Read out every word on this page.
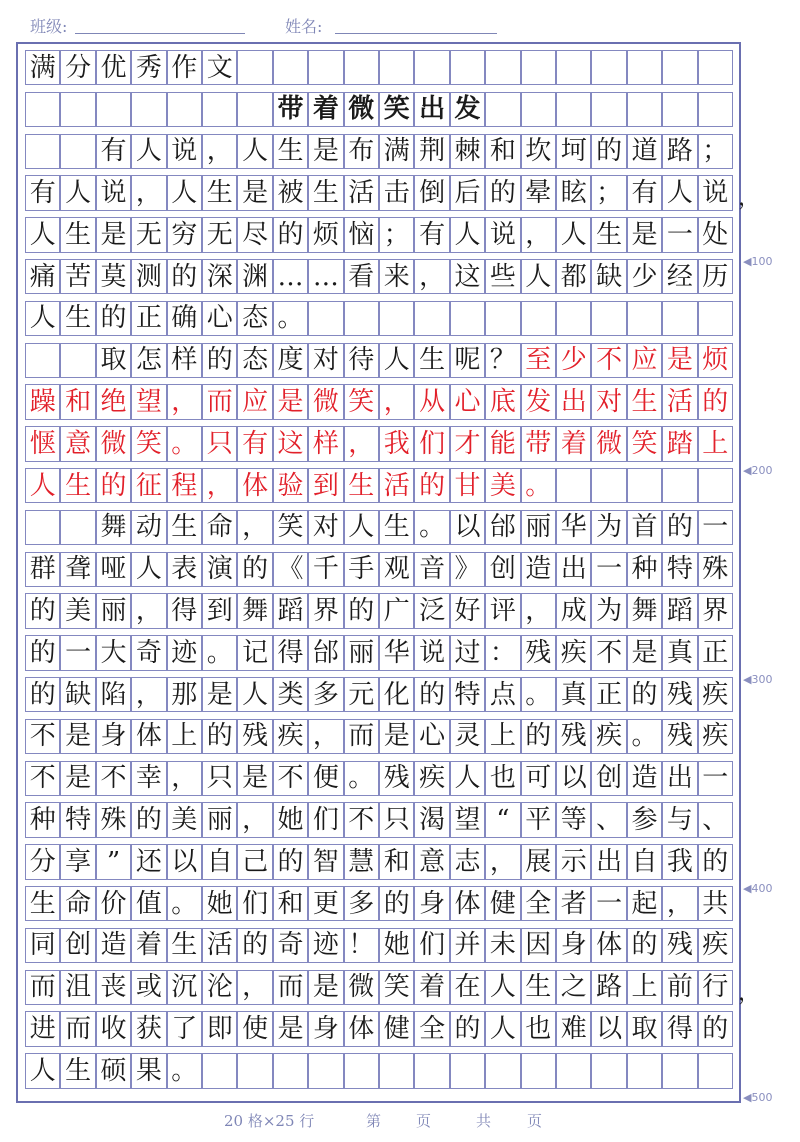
班级:	姓名:
满 分 优 秀 作 文
带 着 微 笑 出 发
有 人 说 ， 人 生 是 布 满 荆 棘 和 坎 坷 的 道 路 ；
有 人 说 ， 人 生 是 被 生 活 击 倒 后 的 晕 眩 ； 有 人 说
人 生 是 无 穷 无 尽 的 烦 恼 ； 有 人 说 ， 人 生 是 一 处
痛 苦 莫 测 的 深 渊 … … 看 来 ， 这 些 人 都 缺 少 经 历
人 生 的 正 确 心 态 。
取 怎 样 的 态 度 对 待 人 生 呢 ？ 至 少 不 应 是 烦
躁 和 绝 望 ， 而 应 是 微 笑 ， 从 心 底 发 出 对 生 活 的
惬 意 微 笑 。 只 有 这 样 ， 我 们 才 能 带 着 微 笑 踏 上
人 生 的 征 程 ， 体 验 到 生 活 的 甘 美 。
舞 动 生 命 ， 笑 对 人 生 。 以 邰 丽 华 为 首 的 一
群 聋 哑 人 表 演 的 《 千 手 观 音 》 创 造 出 一 种 特 殊
的 美 丽 ， 得 到 舞 蹈 界 的 广 泛 好 评 ， 成 为 舞 蹈 界
的 一 大 奇 迹 。 记 得 邰 丽 华 说 过 ： 残 疾 不 是 真 正
的 缺 陷 ， 那 是 人 类 多 元 化 的 特 点 。 真 正 的 残 疾
不 是 身 体 上 的 残 疾 ， 而 是 心 灵 上 的 残 疾 。 残 疾
不 是 不 幸 ， 只 是 不 便 。 残 疾 人 也 可 以 创 造 出 一
种 特 殊 的 美 丽 ， 她 们 不 只 渴 望 “ 平 等 、 参 与 、
分 享 ” 还 以 自 己 的 智 慧 和 意 志 ， 展 示 出 自 我 的
生 命 价 值 。 她 们 和 更 多 的 身 体 健 全 者 一 起 ， 共
同 创 造 着 生 活 的 奇 迹 ！ 她 们 并 未 因 身 体 的 残 疾
而 沮 丧 或 沉 沦 ， 而 是 微 笑 着 在 人 生 之 路 上 前 行
进 而 收 获 了 即 使 是 身 体 健 全 的 人 也 难 以 取 得 的
人 生 硕 果 。
20 格×25 行	第 页	共 页
，
，
◀100
◀200
◀300
◀400
◀500
